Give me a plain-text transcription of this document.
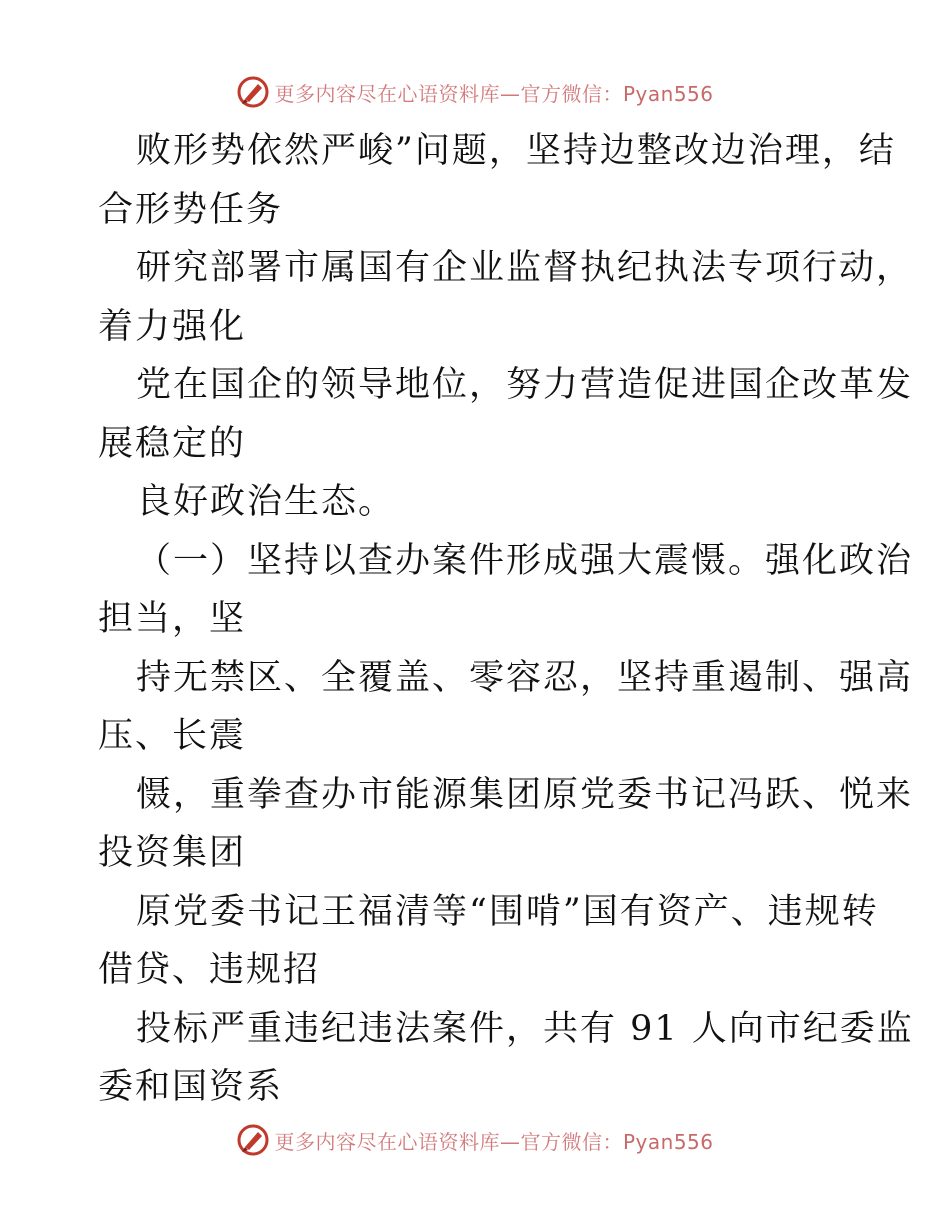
更多内容尽在心语资料库—官方微信：Pyan556
败形势依然严峻”问题，坚持边整改边治理，结
合形势任务
研究部署市属国有企业监督执纪执法专项行动，
着力强化
党在国企的领导地位，努力营造促进国企改革发
展稳定的
良好政治生态。
（一）坚持以查办案件形成强大震慑。强化政治
担当，坚
持无禁区、全覆盖、零容忍，坚持重遏制、强高
压、长震
慑，重拳查办市能源集团原党委书记冯跃、悦来
投资集团
原党委书记王福清等“围啃”国有资产、违规转
借贷、违规招
投标严重违纪违法案件，共有 91 人向市纪委监
委和国资系
更多内容尽在心语资料库—官方微信：Pyan556
